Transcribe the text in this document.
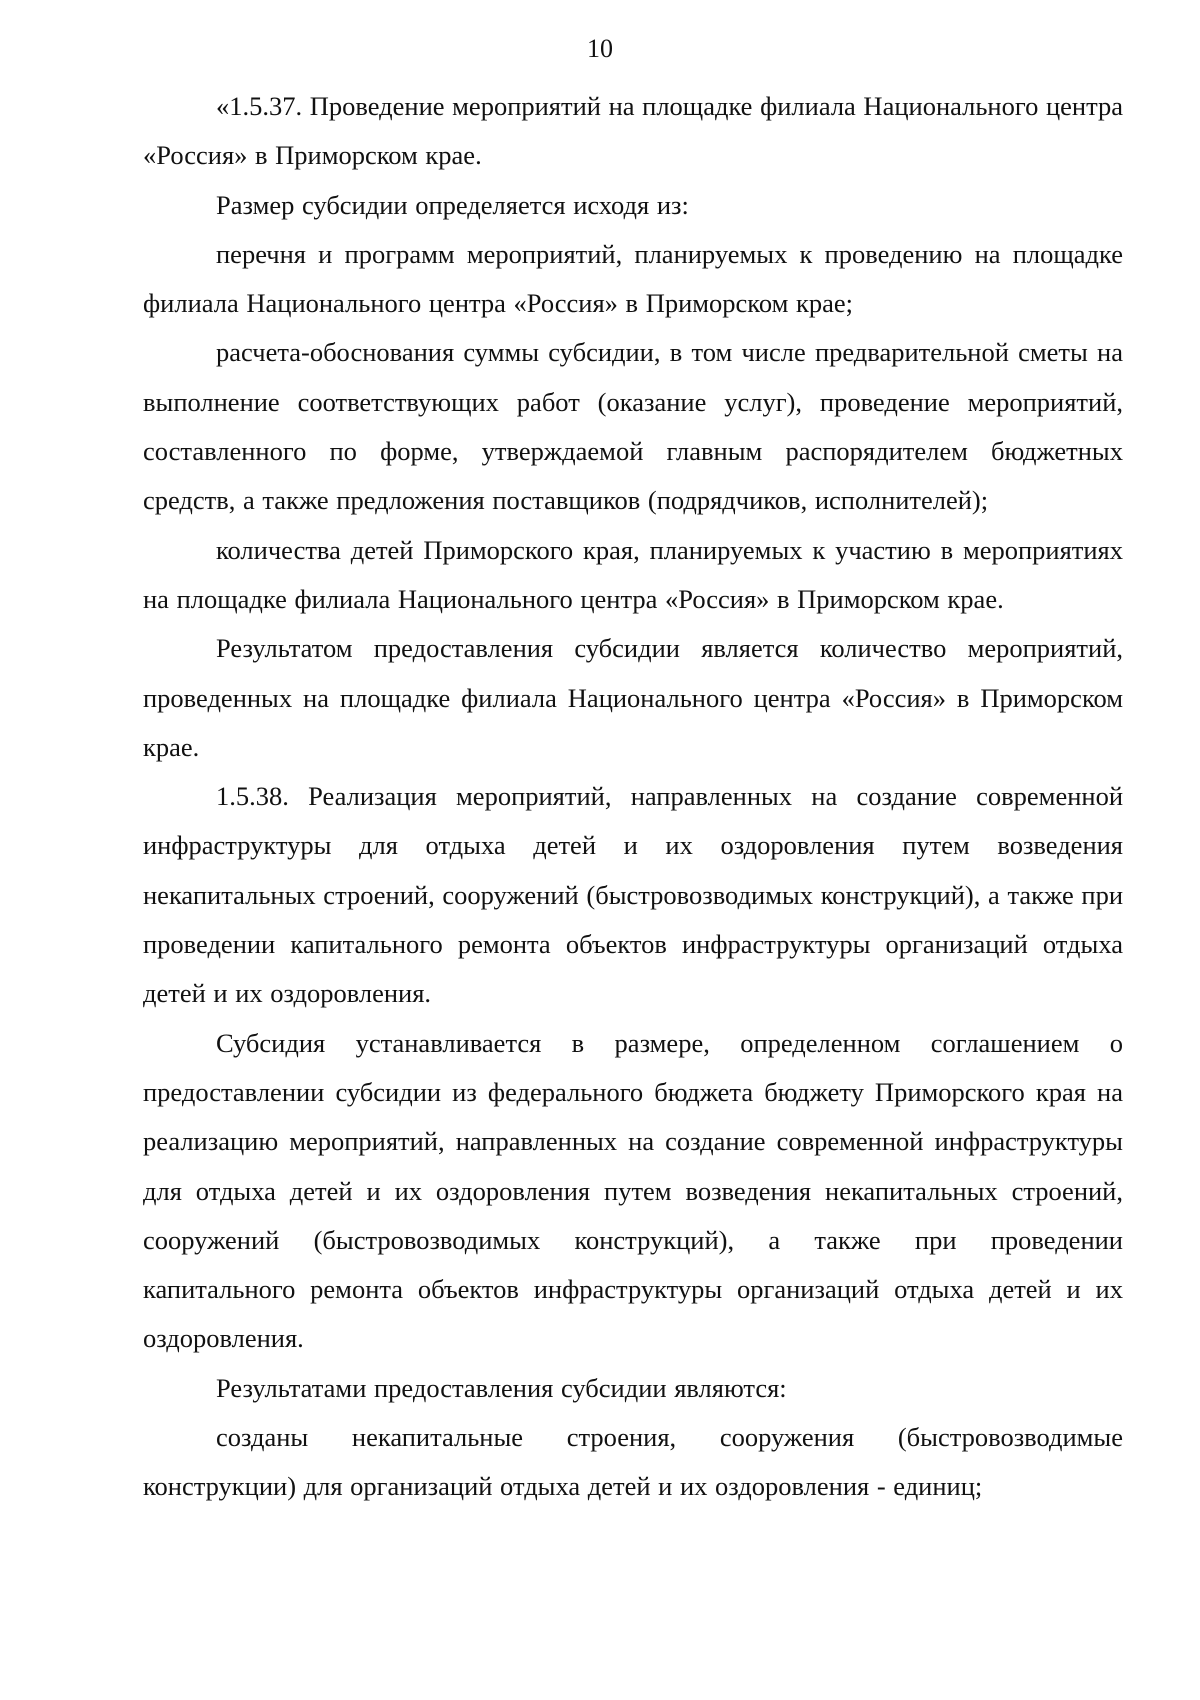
10

«1.5.37. Проведение мероприятий на площадке филиала Национального центра «Россия» в Приморском крае.

Размер субсидии определяется исходя из:

перечня и программ мероприятий, планируемых к проведению на площадке филиала Национального центра «Россия» в Приморском крае;

расчета-обоснования суммы субсидии, в том числе предварительной сметы на выполнение соответствующих работ (оказание услуг), проведение мероприятий, составленного по форме, утверждаемой главным распорядителем бюджетных средств, а также предложения поставщиков (подрядчиков, исполнителей);

количества детей Приморского края, планируемых к участию в мероприятиях на площадке филиала Национального центра «Россия» в Приморском крае.

Результатом предоставления субсидии является количество мероприятий, проведенных на площадке филиала Национального центра «Россия» в Приморском крае.

1.5.38. Реализация мероприятий, направленных на создание современной инфраструктуры для отдыха детей и их оздоровления путем возведения некапитальных строений, сооружений (быстровозводимых конструкций), а также при проведении капитального ремонта объектов инфраструктуры организаций отдыха детей и их оздоровления.

Субсидия устанавливается в размере, определенном соглашением о предоставлении субсидии из федерального бюджета бюджету Приморского края на реализацию мероприятий, направленных на создание современной инфраструктуры для отдыха детей и их оздоровления путем возведения некапитальных строений, сооружений (быстровозводимых конструкций), а также при проведении капитального ремонта объектов инфраструктуры организаций отдыха детей и их оздоровления.

Результатами предоставления субсидии являются:

созданы некапитальные строения, сооружения (быстровозводимые конструкции) для организаций отдыха детей и их оздоровления - единиц;
